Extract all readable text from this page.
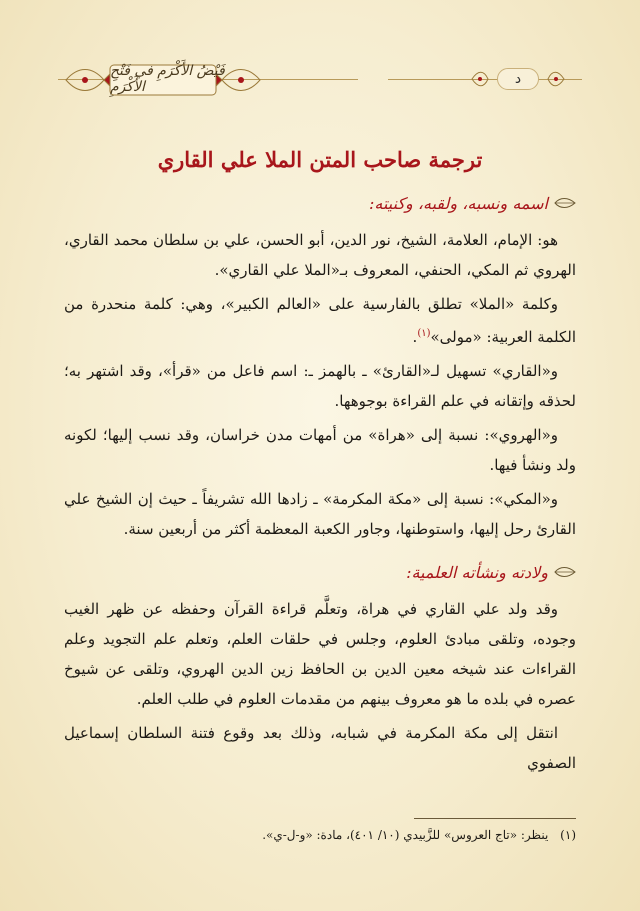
فَيْضُ الأَكْرَمِ في فَتْحِ الأَكْرَمِ	د
ترجمة صاحب المتن الملا علي القاري
اسمه ونسبه، ولقبه، وكنيته:

هو: الإمام، العلامة، الشيخ، نور الدين، أبو الحسن، علي بن سلطان محمد القاري، الهروي ثم المكي، الحنفي، المعروف بـ«الملا علي القاري».

وكلمة «الملا» تطلق بالفارسية على «العالم الكبير»، وهي: كلمة منحدرة من الكلمة العربية: «مولى»$^{(١)}$.

و«القاري» تسهيل لـ«القارئ» ـ بالهمز ـ: اسم فاعل من «قرأ»، وقد اشتهر به؛ لحذقه وإتقانه في علم القراءة بوجوهها.

و«الهروي»: نسبة إلى «هراة» من أمهات مدن خراسان، وقد نسب إليها؛ لكونه ولد ونشأ فيها.

و«المكي»: نسبة إلى «مكة المكرمة» ـ زادها الله تشريفاً ـ حيث إن الشيخ علي القارئ رحل إليها، واستوطنها، وجاور الكعبة المعظمة أكثر من أربعين سنة.

ولادته ونشأته العلمية:

وقد ولد علي القاري في هراة، وتعلَّم قراءة القرآن وحفظه عن ظهر الغيب وجوده، وتلقى مبادئ العلوم، وجلس في حلقات العلم، وتعلم علم التجويد وعلم القراءات عند شيخه معين الدين بن الحافظ زين الدين الهروي، وتلقى عن شيوخ عصره في بلده ما هو معروف بينهم من مقدمات العلوم في طلب العلم.

انتقل إلى مكة المكرمة في شبابه، وذلك بعد وقوع فتنة السلطان إسماعيل الصفوي

(١) ينظر: «تاج العروس» للزَّبيدي (١٠/ ٤٠١)، مادة: «و-ل-ي».
